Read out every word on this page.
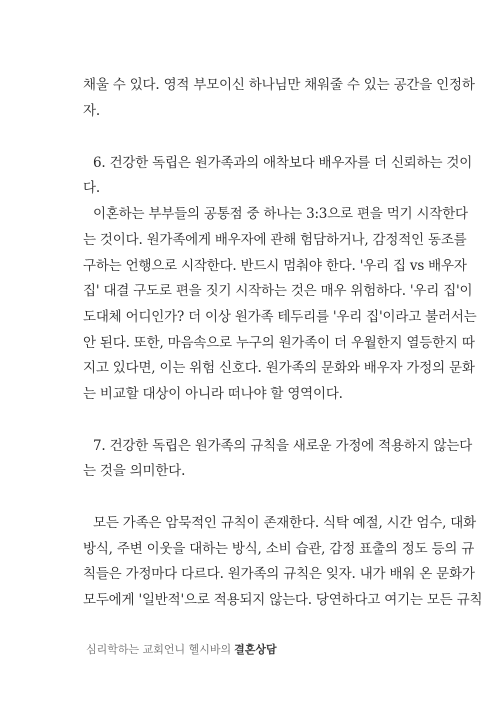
채울 수 있다. 영적 부모이신 하나님만 채워줄 수 있는 공간을 인정하
자.
6. 건강한 독립은 원가족과의 애착보다 배우자를 더 신뢰하는 것이
다.
이혼하는 부부들의 공통점 중 하나는 3:3으로 편을 먹기 시작한다
는 것이다. 원가족에게 배우자에 관해 험담하거나, 감정적인 동조를
구하는 언행으로 시작한다. 반드시 멈춰야 한다. '우리 집 vs 배우자
집' 대결 구도로 편을 짓기 시작하는 것은 매우 위험하다. '우리 집'이
도대체 어디인가? 더 이상 원가족 테두리를 '우리 집'이라고 불러서는
안 된다. 또한, 마음속으로 누구의 원가족이 더 우월한지 열등한지 따
지고 있다면, 이는 위험 신호다. 원가족의 문화와 배우자 가정의 문화
는 비교할 대상이 아니라 떠나야 할 영역이다.
7. 건강한 독립은 원가족의 규칙을 새로운 가정에 적용하지 않는다
는 것을 의미한다.
모든 가족은 암묵적인 규칙이 존재한다. 식탁 예절, 시간 엄수, 대화
방식, 주변 이웃을 대하는 방식, 소비 습관, 감정 표출의 정도 등의 규
칙들은 가정마다 다르다. 원가족의 규칙은 잊자. 내가 배워 온 문화가
모두에게 '일반적'으로 적용되지 않는다. 당연하다고 여기는 모든 규칙
심리학하는 교회언니 헬시바의 결혼상담
